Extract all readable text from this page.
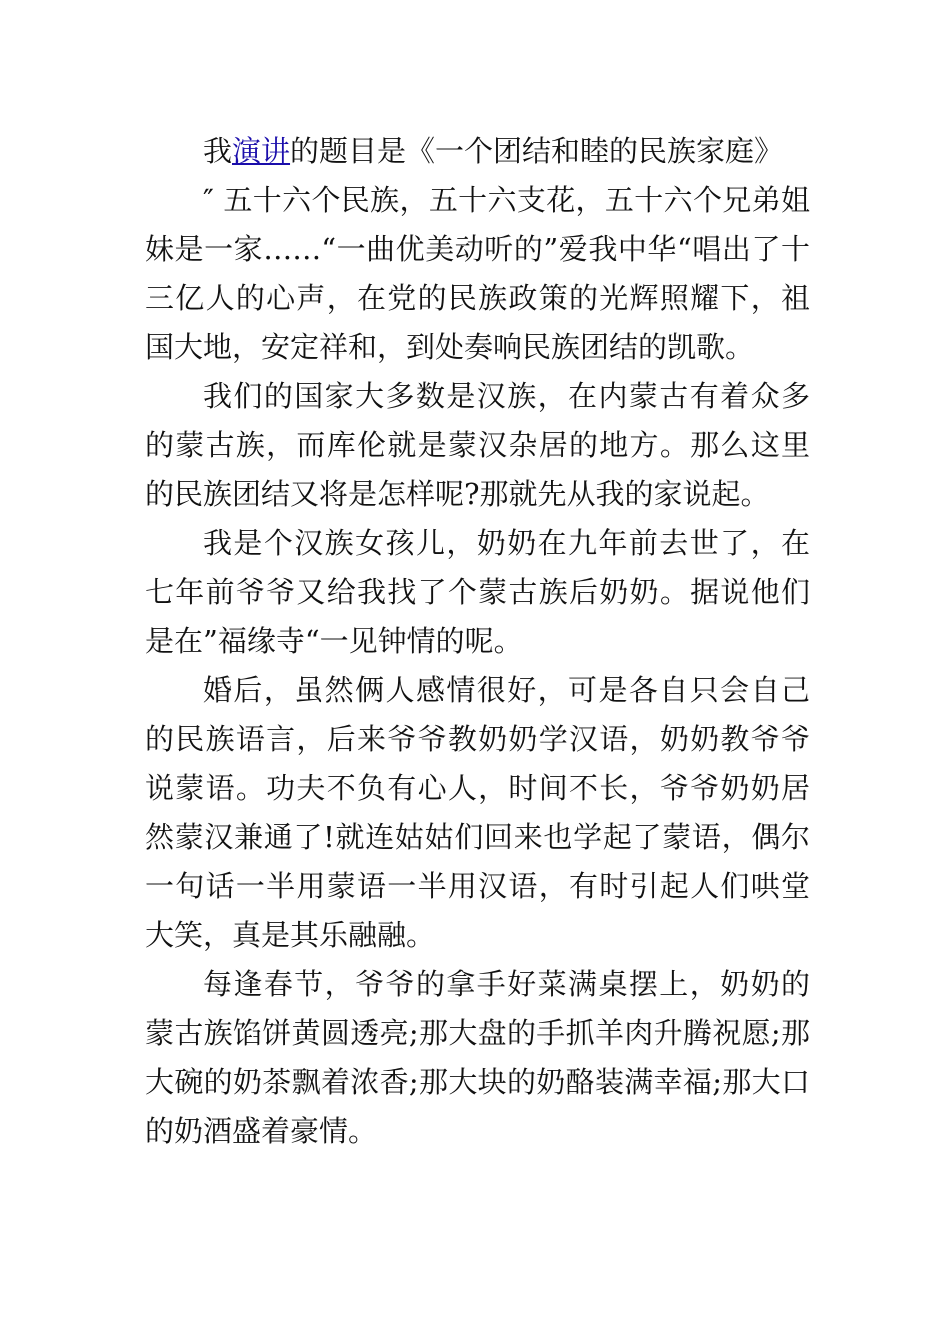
我演讲的题目是《一个团结和睦的民族家庭》

″ 五十六个民族，五十六支花，五十六个兄弟姐妹是一家……“一曲优美动听的”爱我中华“唱出了十三亿人的心声，在党的民族政策的光辉照耀下，祖国大地，安定祥和，到处奏响民族团结的凯歌。

我们的国家大多数是汉族，在内蒙古有着众多的蒙古族，而库伦就是蒙汉杂居的地方。那么这里的民族团结又将是怎样呢?那就先从我的家说起。

我是个汉族女孩儿，奶奶在九年前去世了，在七年前爷爷又给我找了个蒙古族后奶奶。据说他们是在”福缘寺“一见钟情的呢。

婚后，虽然俩人感情很好，可是各自只会自己的民族语言，后来爷爷教奶奶学汉语，奶奶教爷爷说蒙语。功夫不负有心人，时间不长，爷爷奶奶居然蒙汉兼通了!就连姑姑们回来也学起了蒙语，偶尔一句话一半用蒙语一半用汉语，有时引起人们哄堂大笑，真是其乐融融。

每逢春节，爷爷的拿手好菜满桌摆上，奶奶的蒙古族馅饼黄圆透亮;那大盘的手抓羊肉升腾祝愿;那大碗的奶茶飘着浓香;那大块的奶酪装满幸福;那大口的奶酒盛着豪情。
